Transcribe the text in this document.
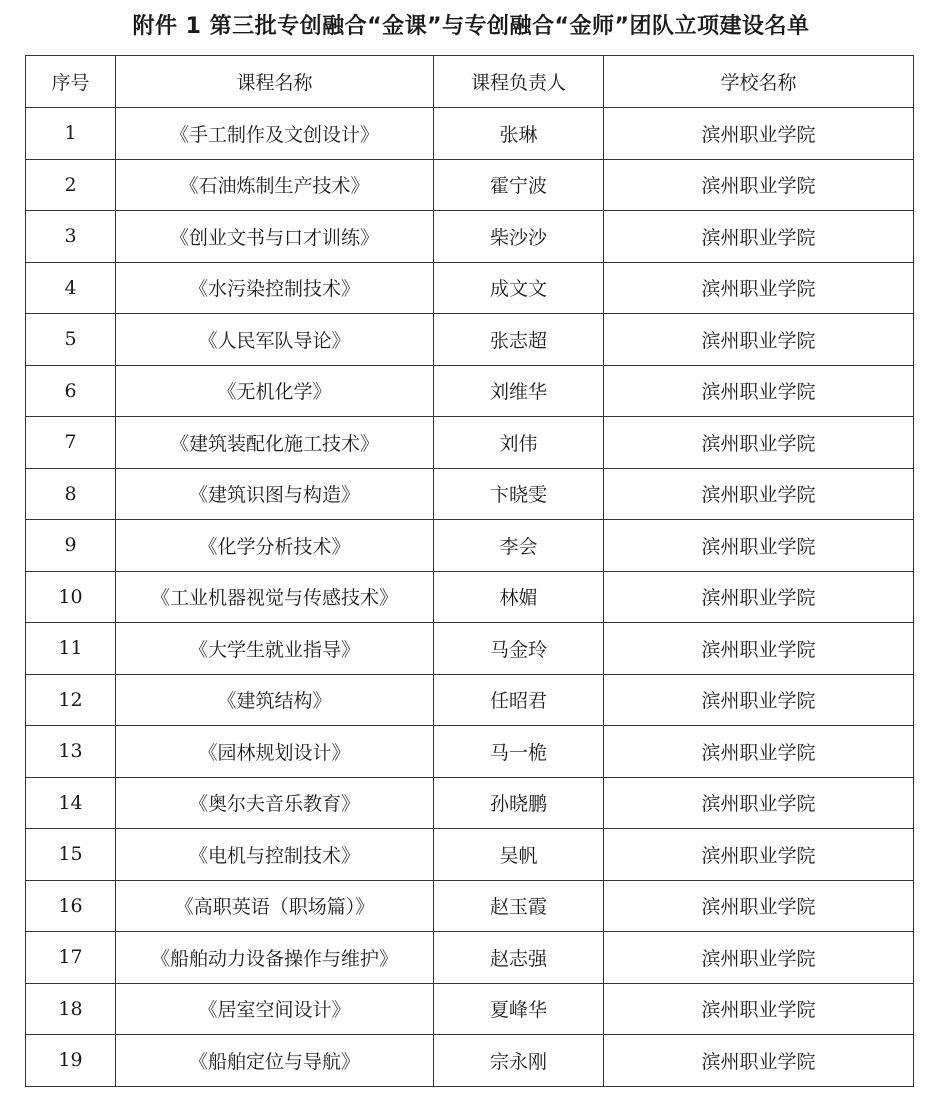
附件 1 第三批专创融合“金课”与专创融合“金师”团队立项建设名单
序号	课程名称	课程负责人	学校名称
1	《手工制作及文创设计》	张琳	滨州职业学院
2	《石油炼制生产技术》	霍宁波	滨州职业学院
3	《创业文书与口才训练》	柴沙沙	滨州职业学院
4	《水污染控制技术》	成文文	滨州职业学院
5	《人民军队导论》	张志超	滨州职业学院
6	《无机化学》	刘维华	滨州职业学院
7	《建筑装配化施工技术》	刘伟	滨州职业学院
8	《建筑识图与构造》	卞晓雯	滨州职业学院
9	《化学分析技术》	李会	滨州职业学院
10	《工业机器视觉与传感技术》	林媚	滨州职业学院
11	《大学生就业指导》	马金玲	滨州职业学院
12	《建筑结构》	任昭君	滨州职业学院
13	《园林规划设计》	马一桅	滨州职业学院
14	《奥尔夫音乐教育》	孙晓鹏	滨州职业学院
15	《电机与控制技术》	吴帆	滨州职业学院
16	《高职英语（职场篇）》	赵玉霞	滨州职业学院
17	《船舶动力设备操作与维护》	赵志强	滨州职业学院
18	《居室空间设计》	夏峰华	滨州职业学院
19	《船舶定位与导航》	宗永刚	滨州职业学院
